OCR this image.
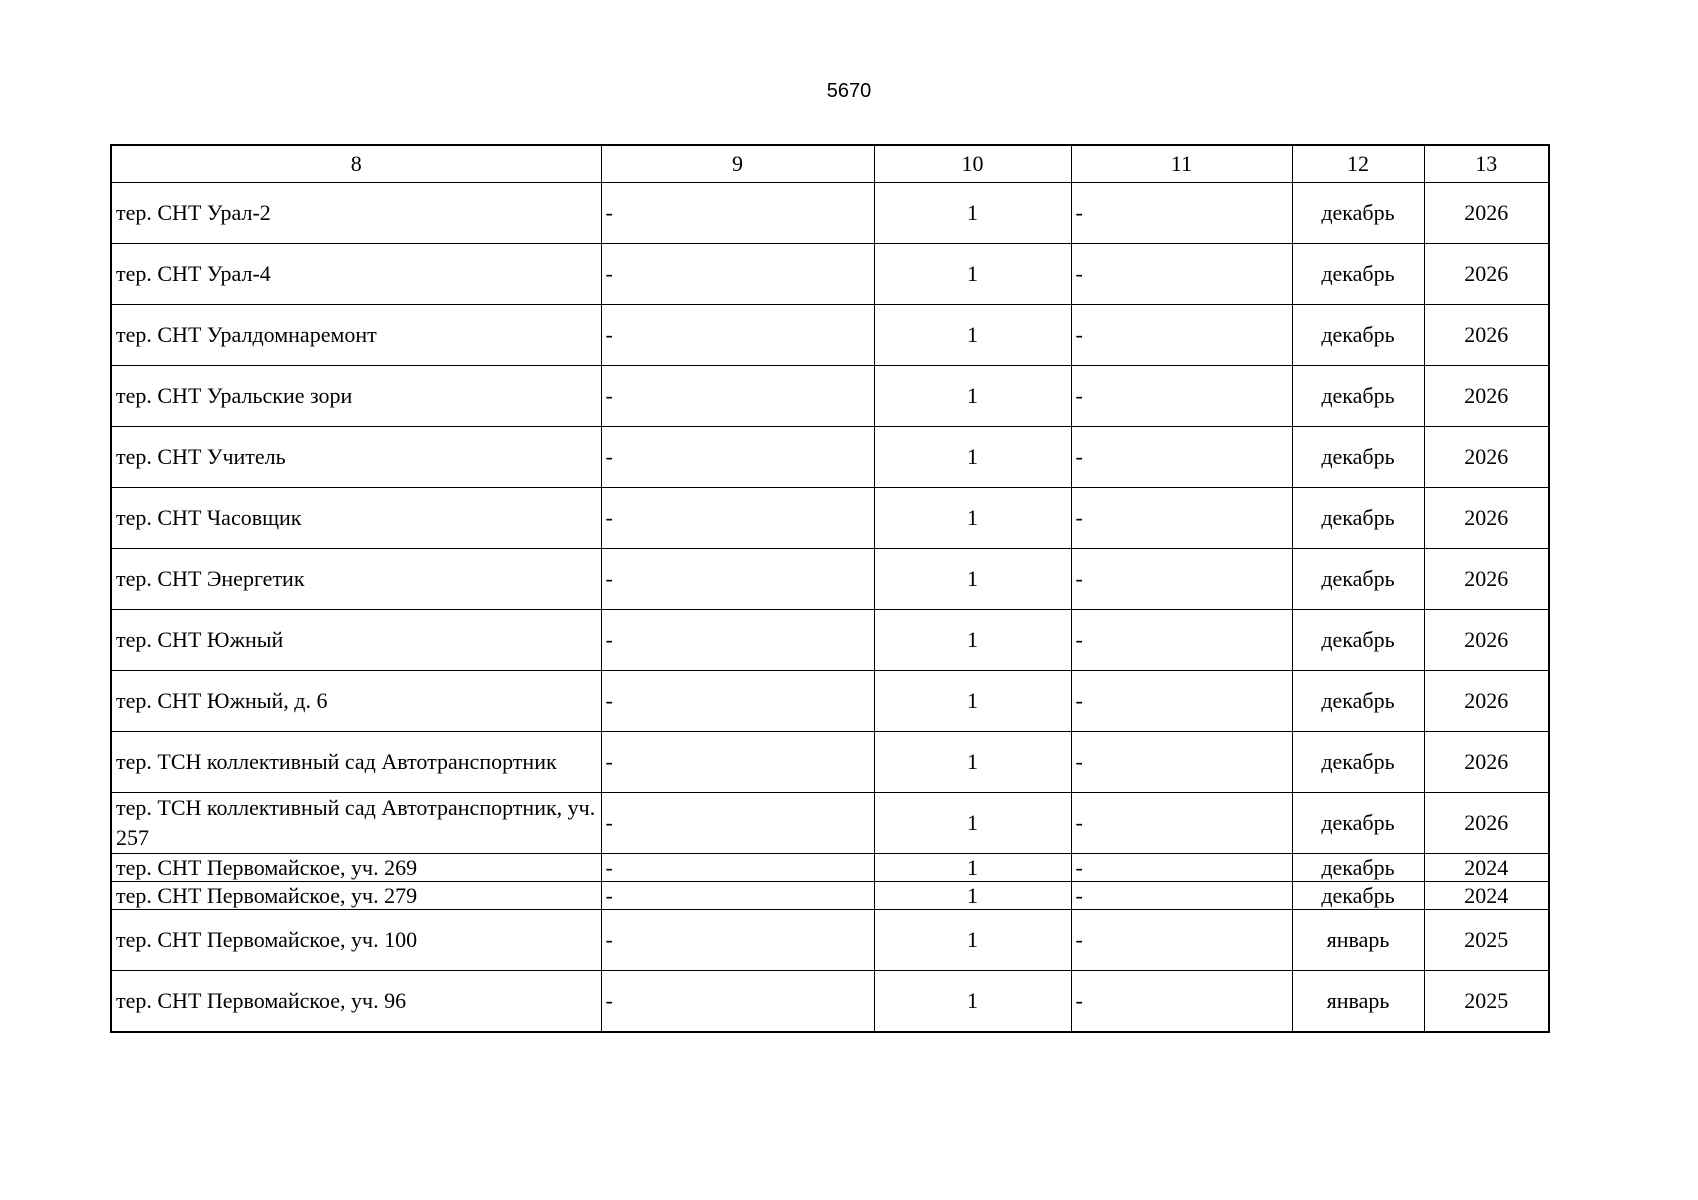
5670
8	9	10	11	12	13
тер. СНТ Урал-2	-	1	-	декабрь	2026
тер. СНТ Урал-4	-	1	-	декабрь	2026
тер. СНТ Уралдомнаремонт	-	1	-	декабрь	2026
тер. СНТ Уральские зори	-	1	-	декабрь	2026
тер. СНТ Учитель	-	1	-	декабрь	2026
тер. СНТ Часовщик	-	1	-	декабрь	2026
тер. СНТ Энергетик	-	1	-	декабрь	2026
тер. СНТ Южный	-	1	-	декабрь	2026
тер. СНТ Южный, д. 6	-	1	-	декабрь	2026
тер. ТСН коллективный сад Автотранспортник	-	1	-	декабрь	2026
тер. ТСН коллективный сад Автотранспортник, уч. 257	-	1	-	декабрь	2026
тер. СНТ Первомайское, уч. 269	-	1	-	декабрь	2024
тер. СНТ Первомайское, уч. 279	-	1	-	декабрь	2024
тер. СНТ Первомайское, уч. 100	-	1	-	январь	2025
тер. СНТ Первомайское, уч. 96	-	1	-	январь	2025
